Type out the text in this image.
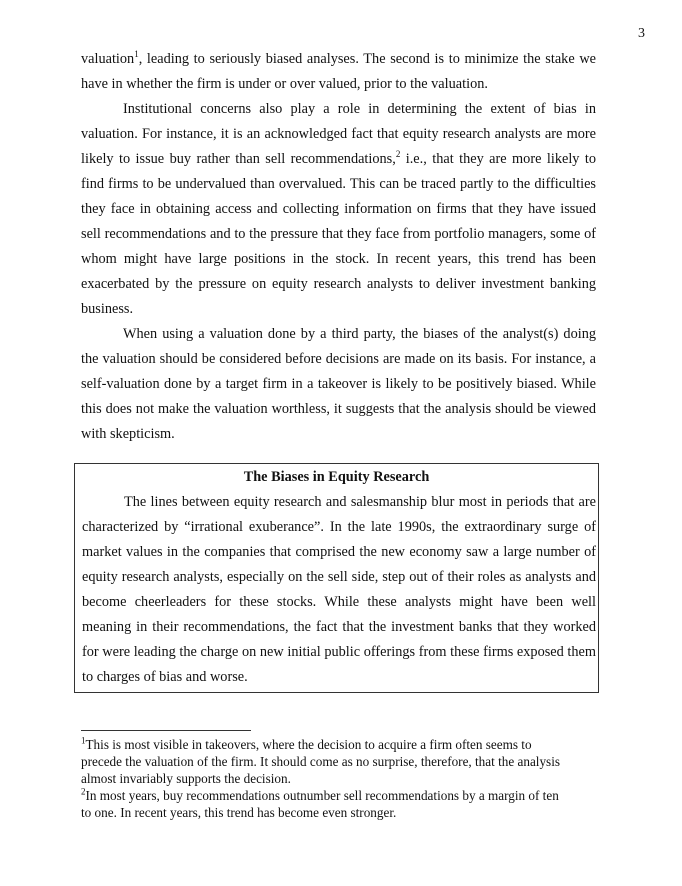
3

valuation$^1$, leading to seriously biased analyses. The second is to minimize the stake we have in whether the firm is under or over valued, prior to the valuation.

Institutional concerns also play a role in determining the extent of bias in valuation. For instance, it is an acknowledged fact that equity research analysts are more likely to issue buy rather than sell recommendations,$^2$ i.e., that they are more likely to find firms to be undervalued than overvalued. This can be traced partly to the difficulties they face in obtaining access and collecting information on firms that they have issued sell recommendations and to the pressure that they face from portfolio managers, some of whom might have large positions in the stock. In recent years, this trend has been exacerbated by the pressure on equity research analysts to deliver investment banking business.

When using a valuation done by a third party, the biases of the analyst(s) doing the valuation should be considered before decisions are made on its basis. For instance, a self-valuation done by a target firm in a takeover is likely to be positively biased. While this does not make the valuation worthless, it suggests that the analysis should be viewed with skepticism.

The Biases in Equity Research

The lines between equity research and salesmanship blur most in periods that are characterized by “irrational exuberance”. In the late 1990s, the extraordinary surge of market values in the companies that comprised the new economy saw a large number of equity research analysts, especially on the sell side, step out of their roles as analysts and become cheerleaders for these stocks. While these analysts might have been well meaning in their recommendations, the fact that the investment banks that they worked for were leading the charge on new initial public offerings from these firms exposed them to charges of bias and worse.

$^1$This is most visible in takeovers, where the decision to acquire a firm often seems to precede the valuation of the firm. It should come as no surprise, therefore, that the analysis almost invariably supports the decision.

$^2$In most years, buy recommendations outnumber sell recommendations by a margin of ten to one. In recent years, this trend has become even stronger.
